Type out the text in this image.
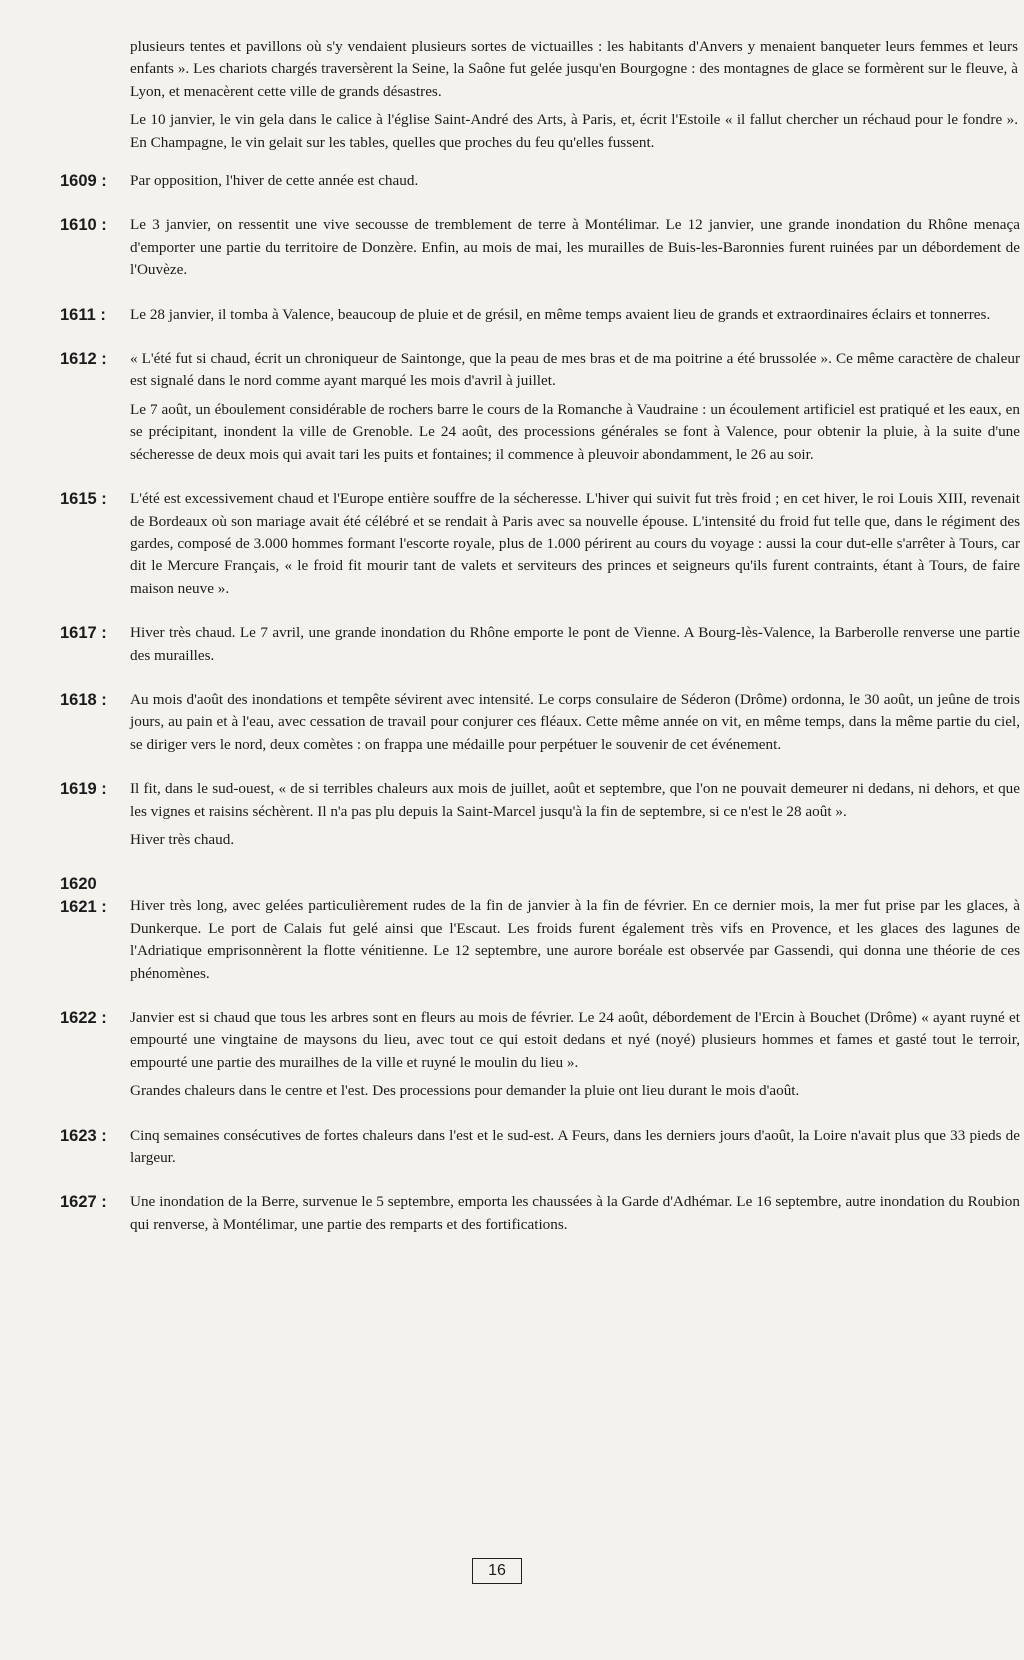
plusieurs tentes et pavillons où s'y vendaient plusieurs sortes de victuailles : les habitants d'Anvers y menaient banqueter leurs femmes et leurs enfants ». Les chariots chargés traversèrent la Seine, la Saône fut gelée jusqu'en Bourgogne : des montagnes de glace se formèrent sur le fleuve, à Lyon, et menacèrent cette ville de grands désastres.

Le 10 janvier, le vin gela dans le calice à l'église Saint-André des Arts, à Paris, et, écrit l'Estoile « il fallut chercher un réchaud pour le fondre ». En Champagne, le vin gelait sur les tables, quelles que proches du feu qu'elles fussent.

1609 :	Par opposition, l'hiver de cette année est chaud.

1610 :	Le 3 janvier, on ressentit une vive secousse de tremblement de terre à Montélimar. Le 12 janvier, une grande inondation du Rhône menaça d'emporter une partie du territoire de Donzère. Enfin, au mois de mai, les murailles de Buis-les-Baronnies furent ruinées par un débordement de l'Ouvèze.

1611 :	Le 28 janvier, il tomba à Valence, beaucoup de pluie et de grésil, en même temps avaient lieu de grands et extraordinaires éclairs et tonnerres.

1612 :	« L'été fut si chaud, écrit un chroniqueur de Saintonge, que la peau de mes bras et de ma poitrine a été brussolée ». Ce même caractère de chaleur est signalé dans le nord comme ayant marqué les mois d'avril à juillet.

Le 7 août, un éboulement considérable de rochers barre le cours de la Romanche à Vaudraine : un écoulement artificiel est pratiqué et les eaux, en se précipitant, inondent la ville de Grenoble. Le 24 août, des processions générales se font à Valence, pour obtenir la pluie, à la suite d'une sécheresse de deux mois qui avait tari les puits et fontaines; il commence à pleuvoir abondamment, le 26 au soir.

1615 :	L'été est excessivement chaud et l'Europe entière souffre de la sécheresse. L'hiver qui suivit fut très froid ; en cet hiver, le roi Louis XIII, revenait de Bordeaux où son mariage avait été célébré et se rendait à Paris avec sa nouvelle épouse. L'intensité du froid fut telle que, dans le régiment des gardes, composé de 3.000 hommes formant l'escorte royale, plus de 1.000 périrent au cours du voyage : aussi la cour dut-elle s'arrêter à Tours, car dit le Mercure Français, « le froid fit mourir tant de valets et serviteurs des princes et seigneurs qu'ils furent contraints, étant à Tours, de faire maison neuve ».

1617 :	Hiver très chaud. Le 7 avril, une grande inondation du Rhône emporte le pont de Vienne. A Bourg-lès-Valence, la Barberolle renverse une partie des murailles.

1618 :	Au mois d'août des inondations et tempête sévirent avec intensité. Le corps consulaire de Séderon (Drôme) ordonna, le 30 août, un jeûne de trois jours, au pain et à l'eau, avec cessation de travail pour conjurer ces fléaux. Cette même année on vit, en même temps, dans la même partie du ciel, se diriger vers le nord, deux comètes : on frappa une médaille pour perpétuer le souvenir de cet événement.

1619 :	Il fit, dans le sud-ouest, « de si terribles chaleurs aux mois de juillet, août et septembre, que l'on ne pouvait demeurer ni dedans, ni dehors, et que les vignes et raisins séchèrent. Il n'a pas plu depuis la Saint-Marcel jusqu'à la fin de septembre, si ce n'est le 28 août ».

Hiver très chaud.

1620
1621 :	Hiver très long, avec gelées particulièrement rudes de la fin de janvier à la fin de février. En ce dernier mois, la mer fut prise par les glaces, à Dunkerque. Le port de Calais fut gelé ainsi que l'Escaut. Les froids furent également très vifs en Provence, et les glaces des lagunes de l'Adriatique emprisonnèrent la flotte vénitienne. Le 12 septembre, une aurore boréale est observée par Gassendi, qui donna une théorie de ces phénomènes.

1622 :	Janvier est si chaud que tous les arbres sont en fleurs au mois de février. Le 24 août, débordement de l'Ercin à Bouchet (Drôme) « ayant ruyné et empourté une vingtaine de maysons du lieu, avec tout ce qui estoit dedans et nyé (noyé) plusieurs hommes et fames et gasté tout le terroir, empourté une partie des murailhes de la ville et ruyné le moulin du lieu ».

Grandes chaleurs dans le centre et l'est. Des processions pour demander la pluie ont lieu durant le mois d'août.

1623 :	Cinq semaines consécutives de fortes chaleurs dans l'est et le sud-est. A Feurs, dans les derniers jours d'août, la Loire n'avait plus que 33 pieds de largeur.

1627 :	Une inondation de la Berre, survenue le 5 septembre, emporta les chaussées à la Garde d'Adhémar. Le 16 septembre, autre inondation du Roubion qui renverse, à Montélimar, une partie des remparts et des fortifications.

16
